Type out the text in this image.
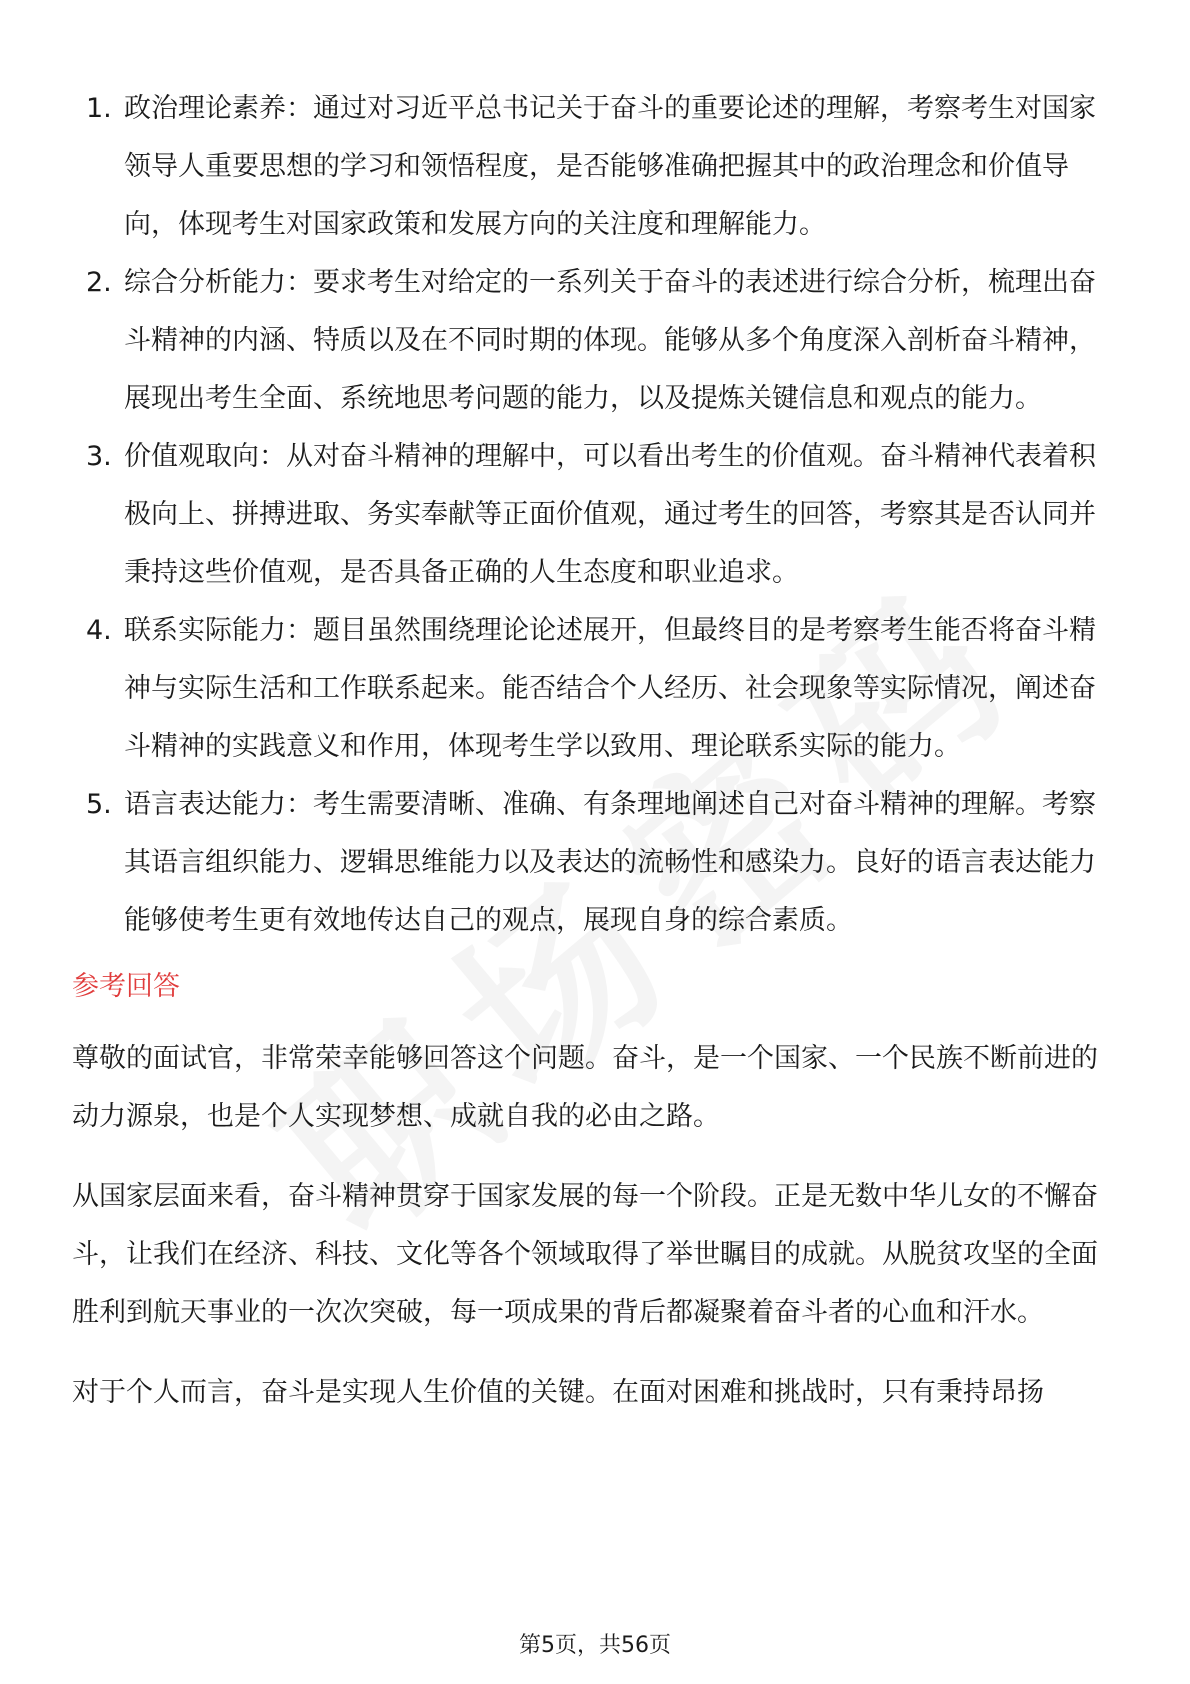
1. 政治理论素养：通过对习近平总书记关于奋斗的重要论述的理解，考察考生对国家领导人重要思想的学习和领悟程度，是否能够准确把握其中的政治理念和价值导向，体现考生对国家政策和发展方向的关注度和理解能力。
2. 综合分析能力：要求考生对给定的一系列关于奋斗的表述进行综合分析，梳理出奋斗精神的内涵、特质以及在不同时期的体现。能够从多个角度深入剖析奋斗精神，展现出考生全面、系统地思考问题的能力，以及提炼关键信息和观点的能力。
3. 价值观取向：从对奋斗精神的理解中，可以看出考生的价值观。奋斗精神代表着积极向上、拼搏进取、务实奉献等正面价值观，通过考生的回答，考察其是否认同并秉持这些价值观，是否具备正确的人生态度和职业追求。
4. 联系实际能力：题目虽然围绕理论论述展开，但最终目的是考察考生能否将奋斗精神与实际生活和工作联系起来。能否结合个人经历、社会现象等实际情况，阐述奋斗精神的实践意义和作用，体现考生学以致用、理论联系实际的能力。
5. 语言表达能力：考生需要清晰、准确、有条理地阐述自己对奋斗精神的理解。考察其语言组织能力、逻辑思维能力以及表达的流畅性和感染力。良好的语言表达能力能够使考生更有效地传达自己的观点，展现自身的综合素质。
参考回答

尊敬的面试官，非常荣幸能够回答这个问题。奋斗，是一个国家、一个民族不断前进的动力源泉，也是个人实现梦想、成就自我的必由之路。

从国家层面来看，奋斗精神贯穿于国家发展的每一个阶段。正是无数中华儿女的不懈奋斗，让我们在经济、科技、文化等各个领域取得了举世瞩目的成就。从脱贫攻坚的全面胜利到航天事业的一次次突破，每一项成果的背后都凝聚着奋斗者的心血和汗水。

对于个人而言，奋斗是实现人生价值的关键。在面对困难和挑战时，只有秉持昂扬

第5页，共56页
